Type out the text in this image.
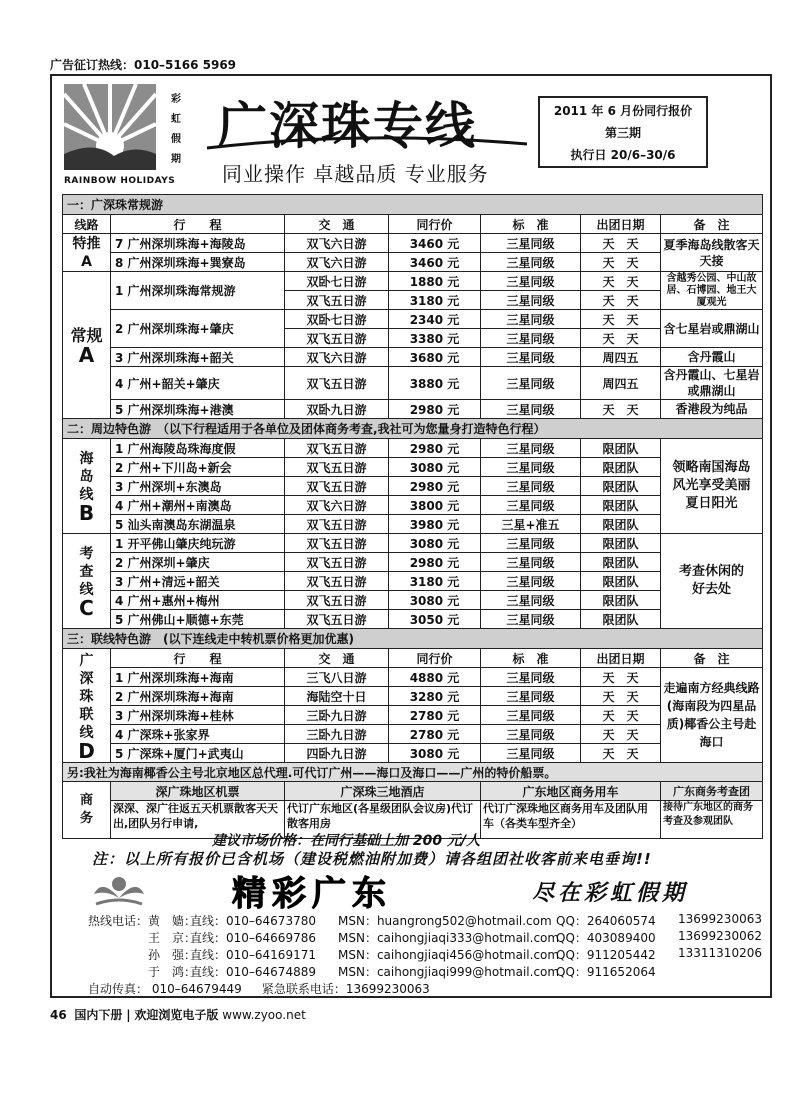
广告征订热线：010–5166 5969
彩
虹
假
期
RAINBOW HOLIDAYS
广深珠专线
同业操作 卓越品质 专业服务
2011 年 6 月份同行报价
第三期
执行日 20/6–30/6
一：广深珠常规游						
线路	行　　程	交　通	同行价	标　准	出团日期	备　注

特推
A	7 广州深圳珠海+海陵岛	双飞六日游	3460 元	三星同级	天　天	夏季海岛线散客天天接
	8 广州深圳珠海+巽寮岛	双飞六日游	3460 元	三星同级	天　天	

常规
A	1 广州深圳珠海常规游	双卧七日游	1880 元	三星同级	天　天	含越秀公园、中山故居、石博园、地王大厦观光
		双飞五日游	3180 元	三星同级	天　天	
	2 广州深圳珠海+肇庆	双卧七日游	2340 元	三星同级	天　天	含七星岩或鼎湖山
		双飞五日游	3380 元	三星同级	天　天	
	3 广州深圳珠海+韶关	双飞六日游	3680 元	三星同级	周四五	含丹霞山
	4 广州+韶关+肇庆	双飞五日游	3880 元	三星同级	周四五	含丹霞山、七星岩或鼎湖山

	5 广州深圳珠海+港澳	双卧九日游	2980 元	三星同级	天　天	香港段为纯品
二：周边特色游　（以下行程适用于各单位及团体商务考查,我社可为您量身打造特色行程）						

海岛线
B	1 广州海陵岛珠海度假	双飞五日游	2980 元	三星同级	限团队	领略南国海岛风光享受美丽夏日阳光
	2 广州+下川岛+新会	双飞五日游	3080 元	三星同级	限团队	
	3 广州深圳+东澳岛	双飞五日游	2980 元	三星同级	限团队	
	4 广州+潮州+南澳岛	双飞六日游	3800 元	三星同级	限团队	
	5 汕头南澳岛东湖温泉	双飞五日游	3980 元	三星+准五	限团队	

考查线
C	1 开平佛山肇庆纯玩游	双飞五日游	3080 元	三星同级	限团队	考查休闲的好去处
	2 广州深圳+肇庆	双飞五日游	2980 元	三星同级	限团队	
	3 广州+清远+韶关	双飞五日游	3180 元	三星同级	限团队	
	4 广州+惠州+梅州	双飞五日游	3080 元	三星同级	限团队	
	5 广州佛山+顺德+东莞	双飞五日游	3050 元	三星同级	限团队	
三：联线特色游　(以下连线走中转机票价格更加优惠)						

广深珠联线
D	行　　程	交　通	同行价	标　准	出团日期	备　注
	1 广州深圳珠海+海南	三飞八日游	4880 元	三星同级	天　天	走遍南方经典线路(海南段为四星品质)椰香公主号赴海口
	2 广州深圳珠海+海南	海陆空十日	3280 元	三星同级	天　天	
	3 广州深圳珠海+桂林	三卧九日游	2780 元	三星同级	天　天	
	4 广深珠+张家界	三卧九日游	2780 元	三星同级	天　天	
	5 广深珠+厦门+武夷山	四卧九日游	3080 元	三星同级	天　天	
另:我社为海南椰香公主号北京地区总代理.可代订广州——海口及海口——广州的特价船票。						

商务	深广珠地区机票	广深珠三地酒店		广东地区商务用车		广东商务考查团
	深深、深广往返五天机票散客天天出,团队另行申请,	代订广东地区(各星级团队会议房)代订散客用房		代订广深珠地区商务用车及团队用车（各类车型齐全）		接待广东地区的商务考查及参观团队
建议市场价格：在同行基础上加 200 元/人
注：以上所有报价已含机场（建设税燃油附加费）请各组团社收客前来电垂询!!
精彩广东	尽在彩虹假期
热线电话： 黄　嫱：
直线：010–64673780 MSN：huangrong502@hotmail.com QQ：264060574 13699230063
王　京：
直线：010–64669786 MSN：caihongjiaqi333@hotmail.com
QQ：403089400 13699230062
孙　强：
直线：010–64169171 MSN：caihongjiaqi456@hotmail.com
QQ：911205442 13311310206
于　鸿：
直线：010–64674889 MSN：caihongjiaqi999@hotmail.com
QQ：911652064
自动传真： 010–64679449 紧急联系电话：13699230063
46 国内下册 | 欢迎浏览电子版 www.zyoo.net
